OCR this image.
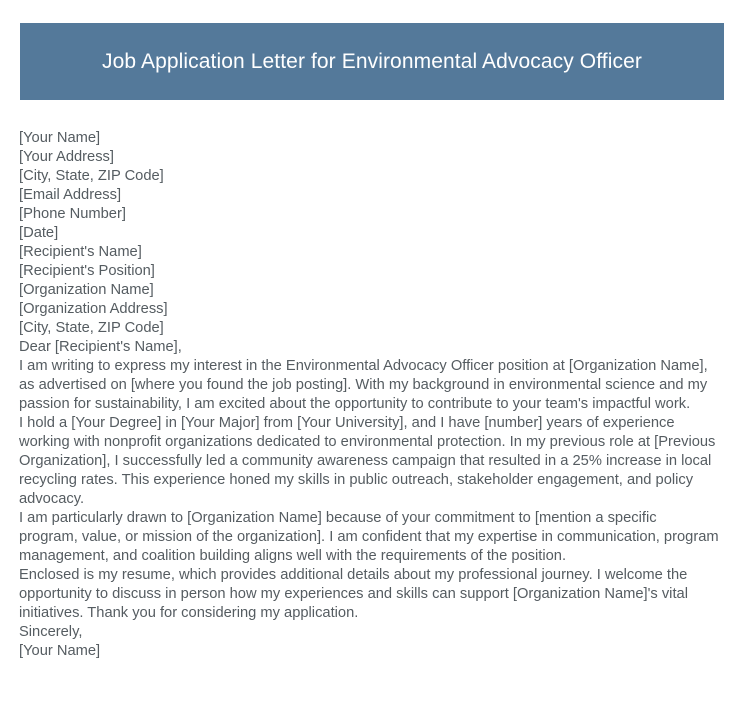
Job Application Letter for Environmental Advocacy Officer

[Your Name]

[Your Address]

[City, State, ZIP Code]

[Email Address]

[Phone Number]

[Date]

[Recipient's Name]

[Recipient's Position]

[Organization Name]

[Organization Address]

[City, State, ZIP Code]

Dear [Recipient's Name],

I am writing to express my interest in the Environmental Advocacy Officer position at [Organization Name], as advertised on [where you found the job posting]. With my background in environmental science and my passion for sustainability, I am excited about the opportunity to contribute to your team's impactful work.

I hold a [Your Degree] in [Your Major] from [Your University], and I have [number] years of experience working with nonprofit organizations dedicated to environmental protection. In my previous role at [Previous Organization], I successfully led a community awareness campaign that resulted in a 25% increase in local recycling rates. This experience honed my skills in public outreach, stakeholder engagement, and policy advocacy.

I am particularly drawn to [Organization Name] because of your commitment to [mention a specific program, value, or mission of the organization]. I am confident that my expertise in communication, program management, and coalition building aligns well with the requirements of the position.

Enclosed is my resume, which provides additional details about my professional journey. I welcome the opportunity to discuss in person how my experiences and skills can support [Organization Name]'s vital initiatives. Thank you for considering my application.

Sincerely,

[Your Name]
